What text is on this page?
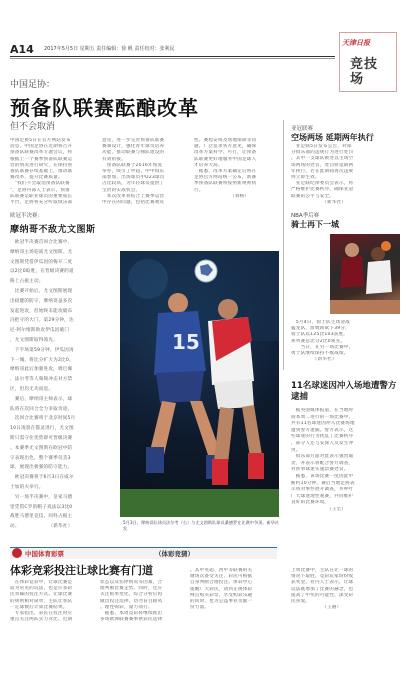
A14 2017年5月5日 星期五 责任编辑：徐 帆 责任校对：张利民
天津日报
竞技场
中国足协：
预备队联赛酝酿改革
但不会取消
中国足协5日在官方网站发布
消息，中国足协在近期将召开
预备队联赛改革专题会议，将
根据上一个赛季预备队联赛运
营的情况进行研究，在保持预
备队联赛存续基础上，推动联
赛改革，提升比赛质量。
　"我们不会取消预备队联赛
"，足协内部人士表示，预备
队联赛是职业球员的重要成长
平台，足协将充分听取俱乐部
意见，进一步完善预备队联赛
赛制设计，强化青年球员培养
功能，推动联赛与梯队建设的
有效衔接。
　预备队联赛于2016年恢复
举办，吸引了中超、中甲俱乐
部参加，出场球员中U23球员
占比较高，为年轻球员提供了
宝贵的实战机会。
　本次改革将结合上赛季运营
中存在的问题，包括比赛观赏
性、赛程安排及场地保障等问
题，广泛征求各方意见，确保
改革方案科学、可行，让预备
队联赛更好地服务中国足球人
才培养大局。
　据悉，改革方案确定后将在
足协官方网站统一公布，新赛
季预备队联赛将按照新规则执
行。
　　　　　　　　（刘杨）
欧冠半决赛：
摩纳哥不敌尤文图斯
　欧冠半决赛首回合比赛中，
摩纳哥主场迎战尤文图斯。尤
文图斯凭借伊瓜因的梅开二度
以2比0取胜，在晋级决赛的道
路上占据主动。
　比赛开始后，尤文图斯展现
出稳健的防守，摩纳哥虽多次
发起进攻，但始终未能攻破布
冯把守的大门。第29分钟，达
尼·阿尔维斯助攻伊瓜因破门
，尤文图斯取得领先。
　下半场第59分钟，伊瓜因再
下一城，将比分扩大为2比0。
摩纳哥此后加强进攻，姆巴佩
、法尔考等人频频冲击对方禁
区，但均无功而返。
　赛后，摩纳哥主帅表示，球
队将在次回合全力争取奇迹。
　次回合比赛将于北京时间5月
10日凌晨在都灵进行，尤文图
斯只需守住优势即可晋级决赛
。本赛季尤文图斯在欧冠中防
守表现出色，整个赛季仅丢3
球，展现出极强的防守能力。
　欧冠决赛将于6月3日在威尔
士加的夫举行。
　另一场半决赛中，皇家马德
里凭借C罗的帽子戏法以3比0
战胜马德里竞技，同样占据主
动。　　　　　　　（新华社）
15
5月3日，摩纳哥队球员法尔考（右）与尤文图斯队球员桑德罗在比赛中争顶。新华社发
亚冠联赛
空场两场 延期两年执行
　亚足联5日发布公告，对部
分俱乐部的违规行为进行处罚
。其中一支球队被处以主场空
场两场的处罚，处罚将延期两
年执行，若在此期间再次违规
则立即生效。
　亚足联纪律委员会表示，将
严格维护比赛秩序，确保亚冠
联赛的公平与安全。
　　　　　　　（新华社）
NBA季后赛
骑士再下一城
　5月4日，骑士队主场迎战
猛龙队，詹姆斯砍下39分，
骑士队以125比103获胜，
系列赛总比分2比0领先。
　　当日，在另一场比赛中，
勇士队继续保持不败战绩。
　　　　　（新华社）
11名球迷因冲入场地遭警方逮捕
　据英国媒体报道，在当地时
间本周二进行的一场比赛中，
共有11名球迷因冲入比赛场地
遭到警方逮捕。警方表示，这
些球迷的行为扰乱了比赛秩序
，部分人还与安保人员发生冲
突。
　俱乐部方面对此表示强烈谴
责，并表示将配合警方调查，
对涉事球迷实施禁赛处罚。
　据悉，该场比赛一度因此中
断约10分钟。赛后当地足协表
示将对事件展开调查，并呼吁
广大球迷理性观赛，共同维护
良好的比赛环境。
　　　　　　　　（王宏）
中国体育彩票	（体彩竞猜）
体彩竞彩投注让球比赛有门道
　在体彩竞彩中，让球比赛是
较为常见的玩法，也是许多彩
民青睐的投注方式。让球比赛
的规则相对简单，主队让客队
一定球数后计算比赛结果。
　专家指出，彩民在投注时应
重点关注两队实力对比、近期
状态以及伤停情况等因素，合
理判断比赛走势。同时，还应
关注赔率变化，综合分析后再
做出投注选择，切勿盲目跟风
。理性购彩，量力而行。
　据悉，本周竞彩将继续推出
多场欧洲联赛赛事供彩民选择
。其中英超、西甲等联赛的关
键场次备受关注，彩民可根据
自身判断合理投注。体彩中心
提醒广大彩民，请到正规体彩
网点购买彩票，享受购彩乐趣
的同时，也为公益事业贡献一
份力量。
上周比赛中，主队在让一球的
情况下取胜，竞彩玩家纷纷收
获奖金。业内人士表示，让球
玩法既增加了比赛的悬念，也
提高了中奖的可能性，深受彩
民喜爱。
　　　　　　　（王丽）
